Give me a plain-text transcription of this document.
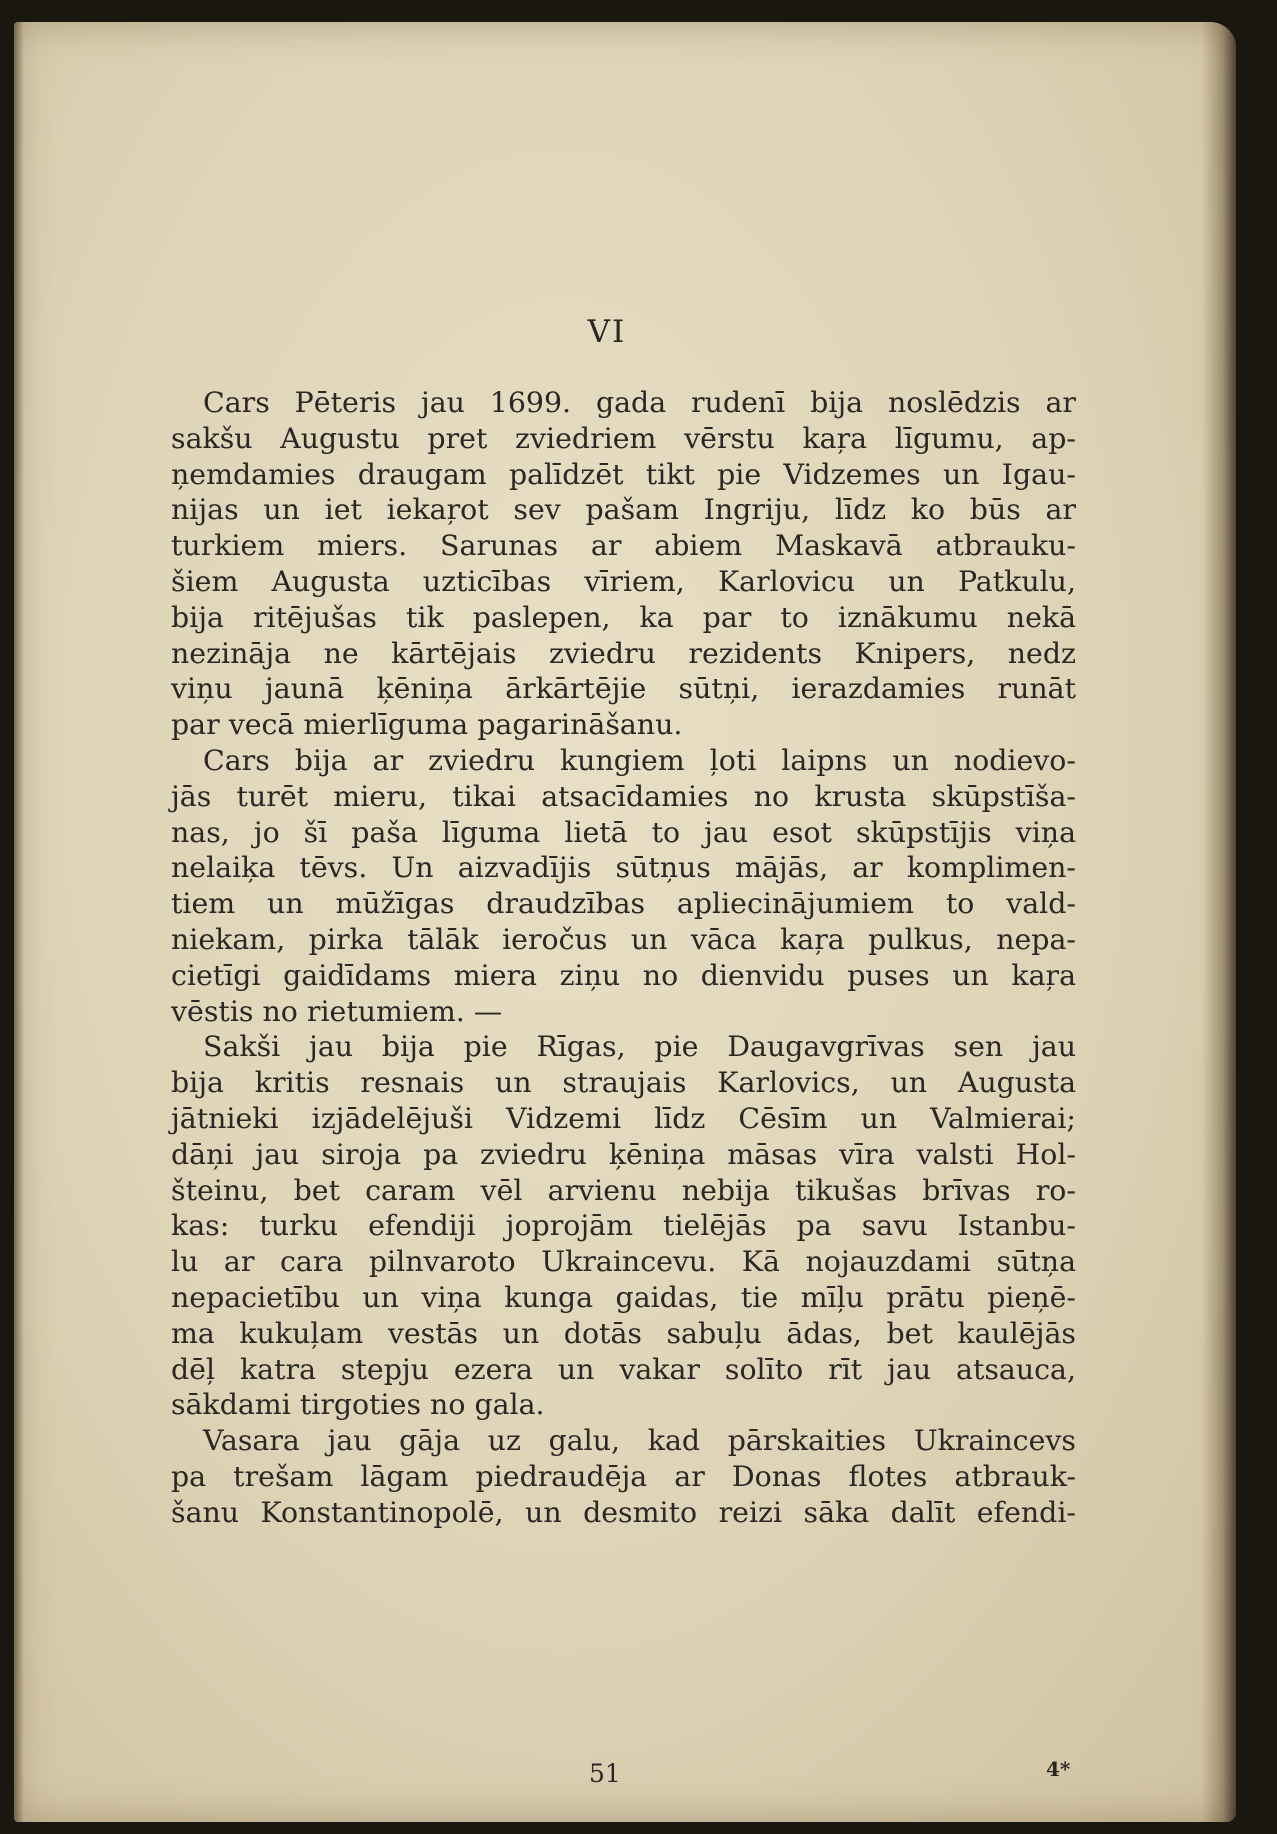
VI
Cars Pēteris jau 1699. gada rudenī bija noslēdzis ar
sakšu Augustu pret zviedriem vērstu kaŗa līgumu, ap-
ņemdamies draugam palīdzēt tikt pie Vidzemes un Igau-
nijas un iet iekaŗot sev pašam Ingriju, līdz ko būs ar
turkiem miers. Sarunas ar abiem Maskavā atbrauku-
šiem Augusta uzticības vīriem, Karlovicu un Patkulu,
bija ritējušas tik paslepen, ka par to iznākumu nekā
nezināja ne kārtējais zviedru rezidents Knipers, nedz
viņu jaunā ķēniņa ārkārtējie sūtņi, ierazdamies runāt
par vecā mierlīguma pagarināšanu.
Cars bija ar zviedru kungiem ļoti laipns un nodievo-
jās turēt mieru, tikai atsacīdamies no krusta skūpstīša-
nas, jo šī paša līguma lietā to jau esot skūpstījis viņa
nelaiķa tēvs. Un aizvadījis sūtņus mājās, ar komplimen-
tiem un mūžīgas draudzības apliecinājumiem to vald-
niekam, pirka tālāk ieročus un vāca kaŗa pulkus, nepa-
cietīgi gaidīdams miera ziņu no dienvidu puses un kaŗa
vēstis no rietumiem. —
Sakši jau bija pie Rīgas, pie Daugavgrīvas sen jau
bija kritis resnais un straujais Karlovics, un Augusta
jātnieki izjādelējuši Vidzemi līdz Cēsīm un Valmierai;
dāņi jau siroja pa zviedru ķēniņa māsas vīra valsti Hol-
šteinu, bet caram vēl arvienu nebija tikušas brīvas ro-
kas: turku efendiji joprojām tielējās pa savu Istanbu-
lu ar cara pilnvaroto Ukraincevu. Kā nojauzdami sūtņa
nepacietību un viņa kunga gaidas, tie mīļu prātu pieņē-
ma kukuļam vestās un dotās sabuļu ādas, bet kaulējās
dēļ katra stepju ezera un vakar solīto rīt jau atsauca,
sākdami tirgoties no gala.
Vasara jau gāja uz galu, kad pārskaities Ukraincevs
pa trešam lāgam piedraudēja ar Donas flotes atbrauk-
šanu Konstantinopolē, un desmito reizi sāka dalīt efendi-
51	4*
